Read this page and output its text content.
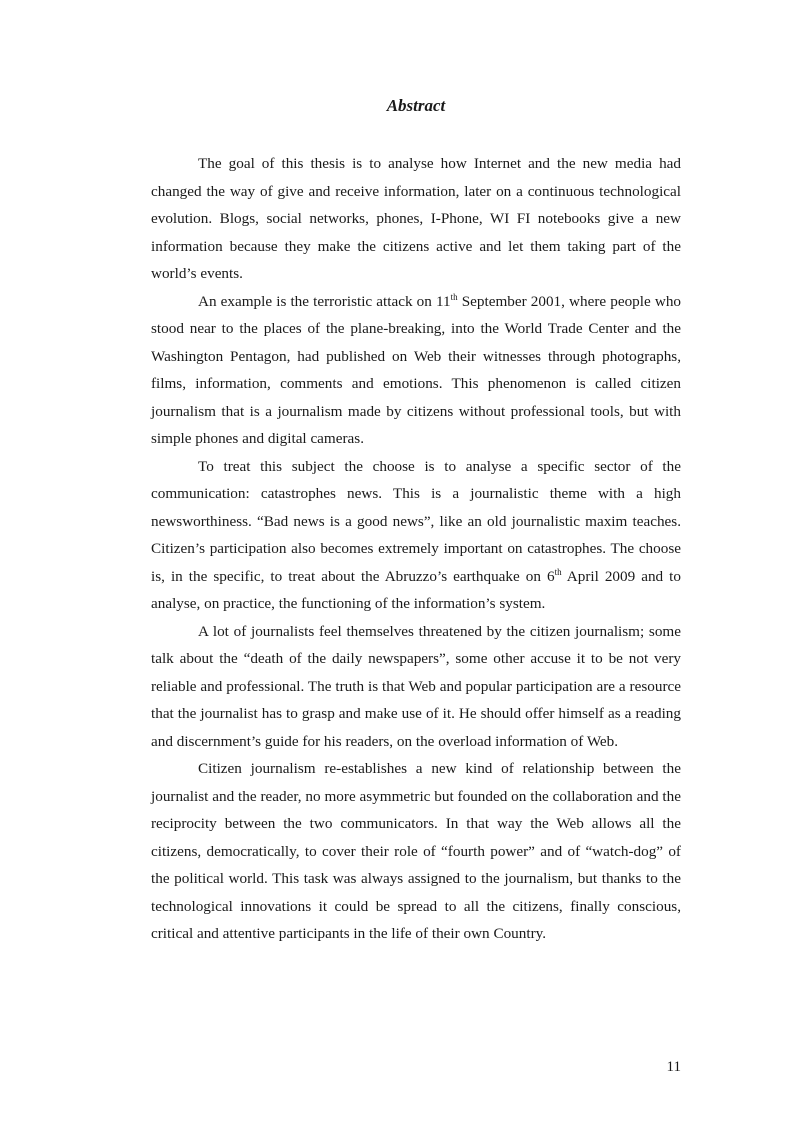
Abstract

The goal of this thesis is to analyse how Internet and the new media had changed the way of give and receive information, later on a continuous technological evolution. Blogs, social networks, phones, I-Phone, WI FI notebooks give a new information because they make the citizens active and let them taking part of the world’s events.

An example is the terroristic attack on 11th September 2001, where people who stood near to the places of the plane-breaking, into the World Trade Center and the Washington Pentagon, had published on Web their witnesses through photographs, films, information, comments and emotions. This phenomenon is called citizen journalism that is a journalism made by citizens without professional tools, but with simple phones and digital cameras.

To treat this subject the choose is to analyse a specific sector of the communication: catastrophes news. This is a journalistic theme with a high newsworthiness. “Bad news is a good news”, like an old journalistic maxim teaches. Citizen’s participation also becomes extremely important on catastrophes. The choose is, in the specific, to treat about the Abruzzo’s earthquake on 6th April 2009 and to analyse, on practice, the functioning of the information’s system.

A lot of journalists feel themselves threatened by the citizen journalism; some talk about the “death of the daily newspapers”, some other accuse it to be not very reliable and professional. The truth is that Web and popular participation are a resource that the journalist has to grasp and make use of it. He should offer himself as a reading and discernment’s guide for his readers, on the overload information of Web.

Citizen journalism re-establishes a new kind of relationship between the journalist and the reader, no more asymmetric but founded on the collaboration and the reciprocity between the two communicators. In that way the Web allows all the citizens, democratically, to cover their role of “fourth power” and of “watch-dog” of the political world. This task was always assigned to the journalism, but thanks to the technological innovations it could be spread to all the citizens, finally conscious, critical and attentive participants in the life of their own Country.

11
